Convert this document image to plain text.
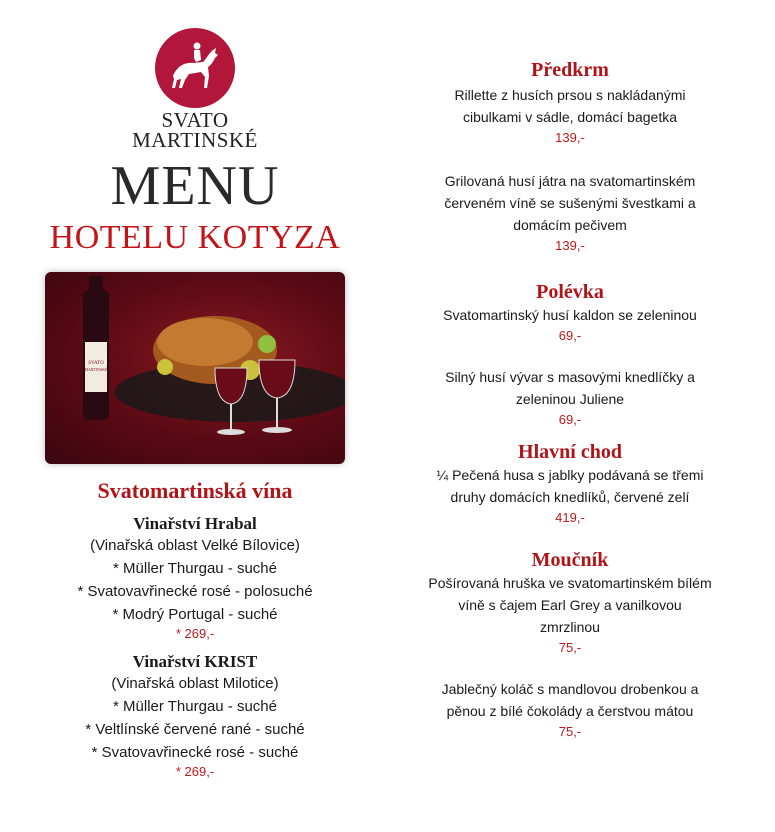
SVATO
MARTINSKÉ
MENU
HOTELU KOTYZA
SVATO
MARTINSKÉ
Svatomartinská vína
Vinařství Hrabal
(Vinařská oblast Velké Bílovice)
* Müller Thurgau - suché
* Svatovavřinecké rosé - polosuché
* Modrý Portugal - suché
* 269,-
Vinařství KRIST
(Vinařská oblast Milotice)
* Müller Thurgau - suché
* Veltlínské červené rané - suché
* Svatovavřinecké rosé - suché
* 269,-
Předkrm
Rillette z husích prsou s nakládanými
cibulkami v sádle, domácí bagetka
139,-
Grilovaná husí játra na svatomartinském
červeném víně se sušenými švestkami a
domácím pečivem
139,-
Polévka
Svatomartinský husí kaldon se zeleninou
69,-
Silný husí vývar s masovými knedlíčky a
zeleninou Juliene
69,-
Hlavní chod
¼ Pečená husa s jablky podávaná se třemi
druhy domácích knedlíků, červené zelí
419,-
Moučník
Pošírovaná hruška ve svatomartinském bílém
víně s čajem Earl Grey a vanilkovou
zmrzlinou
75,-
Jablečný koláč s mandlovou drobenkou a
pěnou z bílé čokolády a čerstvou mátou
75,-
